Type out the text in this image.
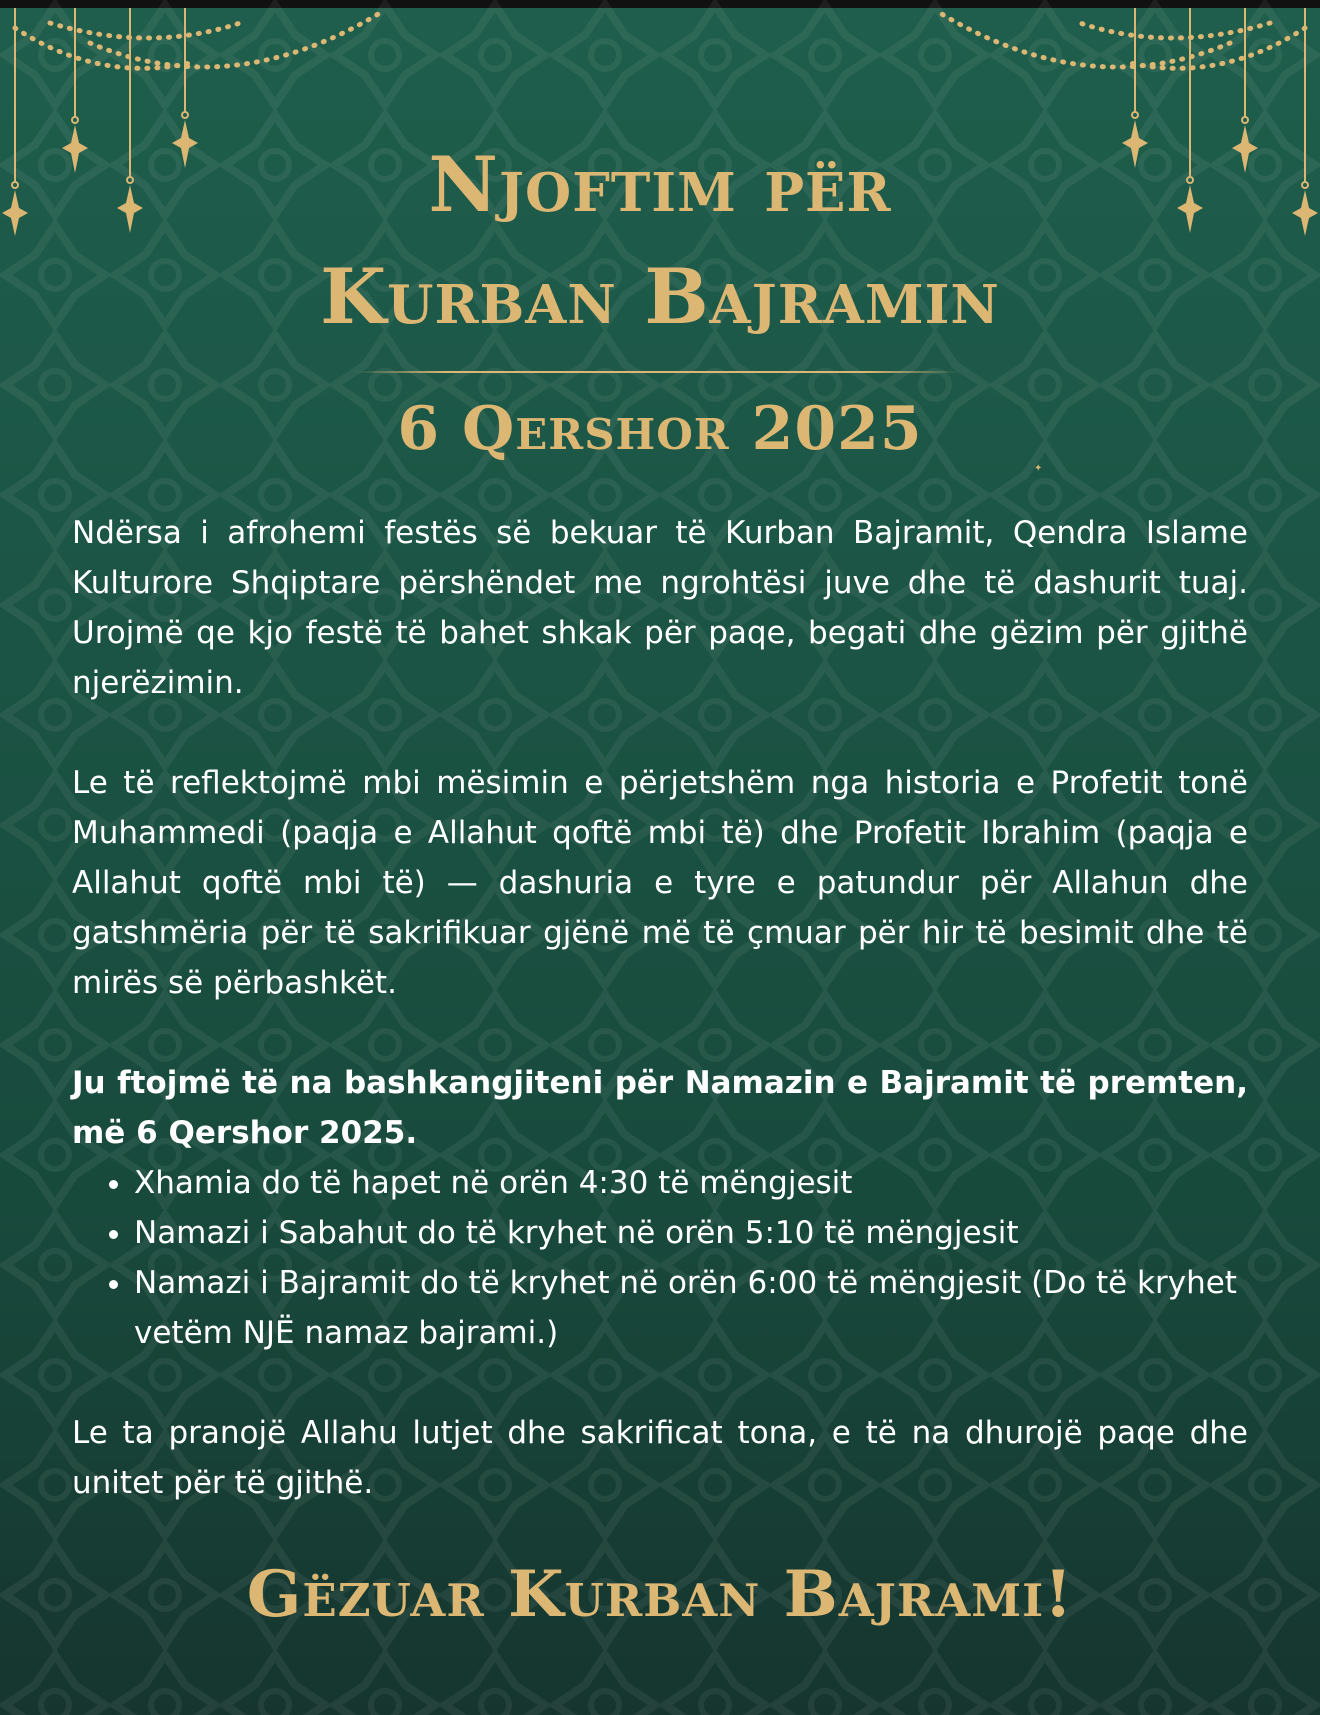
Njoftim për
Kurban Bajramin
6 Qershor 2025
✦

Ndërsa i afrohemi festës së bekuar të Kurban Bajramit, Qendra Islame Kulturore Shqiptare përshëndet me ngrohtësi juve dhe të dashurit tuaj. Urojmë qe kjo festë të bahet shkak për paqe, begati dhe gëzim për gjithë njerëzimin.

Le të reflektojmë mbi mësimin e përjetshëm nga historia e Profetit tonë Muhammedi (paqja e Allahut qoftë mbi të) dhe Profetit Ibrahim (paqja e Allahut qoftë mbi të) — dashuria e tyre e patundur për Allahun dhe gatshmëria për të sakrifikuar gjënë më të çmuar për hir të besimit dhe të mirës së përbashkët.

Ju ftojmë të na bashkangjiteni për Namazin e Bajramit të premten, më 6 Qershor 2025.

• Xhamia do të hapet në orën 4:30 të mëngjesit
• Namazi i Sabahut do të kryhet në orën 5:10 të mëngjesit
• Namazi i Bajramit do të kryhet në orën 6:00 të mëngjesit (Do të kryhet vetëm NJË namaz bajrami.)

Le ta pranojë Allahu lutjet dhe sakrificat tona, e të na dhurojë paqe dhe unitet për të gjithë.

Gëzuar Kurban Bajrami!
